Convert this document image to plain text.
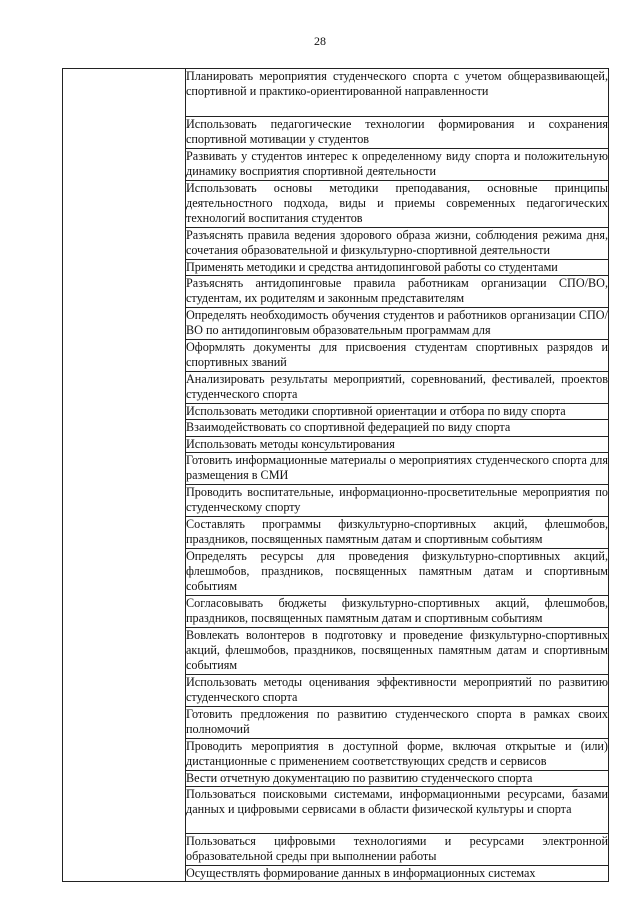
28
	Планировать мероприятия студенческого спорта с учетом общеразвивающей, спортивной и практико-ориентированной направленности
Использовать педагогические технологии формирования и сохранения спортивной мотивации у студентов
Развивать у студентов интерес к определенному виду спорта и положительную динамику восприятия спортивной деятельности
Использовать основы методики преподавания, основные принципы деятельностного подхода, виды и приемы современных педагогических технологий воспитания студентов
Разъяснять правила ведения здорового образа жизни, соблюдения режима дня, сочетания образовательной и физкультурно-спортивной деятельности
Применять методики и средства антидопинговой работы со студентами
Разъяснять антидопинговые правила работникам организации СПО/ВО, студентам, их родителям и законным представителям
Определять необходимость обучения студентов и работников организации СПО/ВО по антидопинговым образовательным программам для
Оформлять документы для присвоения студентам спортивных разрядов и спортивных званий
Анализировать результаты мероприятий, соревнований, фестивалей, проектов студенческого спорта
Использовать методики спортивной ориентации и отбора по виду спорта
Взаимодействовать со спортивной федерацией по виду спорта
Использовать методы консультирования
Готовить информационные материалы о мероприятиях студенческого спорта для размещения в СМИ
Проводить воспитательные, информационно-просветительные мероприятия по студенческому спорту
Составлять программы физкультурно-спортивных акций, флешмобов, праздников, посвященных памятным датам и спортивным событиям
Определять ресурсы для проведения физкультурно-спортивных акций, флешмобов, праздников, посвященных памятным датам и спортивным событиям
Согласовывать бюджеты физкультурно-спортивных акций, флешмобов, праздников, посвященных памятным датам и спортивным событиям
Вовлекать волонтеров в подготовку и проведение физкультурно-спортивных акций, флешмобов, праздников, посвященных памятным датам и спортивным событиям
Использовать методы оценивания эффективности мероприятий по развитию студенческого спорта
Готовить предложения по развитию студенческого спорта в рамках своих полномочий
Проводить мероприятия в доступной форме, включая открытые и (или) дистанционные с применением соответствующих средств и сервисов
Вести отчетную документацию по развитию студенческого спорта
Пользоваться поисковыми системами, информационными ресурсами, базами данных и цифровыми сервисами в области физической культуры и спорта
Пользоваться цифровыми технологиями и ресурсами электронной образовательной среды при выполнении работы
Осуществлять формирование данных в информационных системах
